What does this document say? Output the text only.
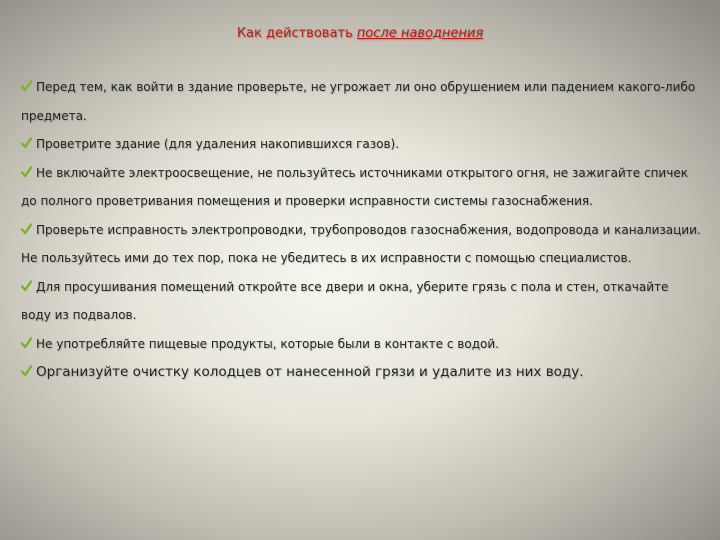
Как действовать после наводнения

Перед тем, как войти в здание проверьте, не угрожает ли оно обрушением или падением какого-либо предмета.

Проветрите здание (для удаления накопившихся газов).

Не включайте электроосвещение, не пользуйтесь источниками открытого огня, не зажигайте спичек до полного проветривания помещения и проверки исправности системы газоснабжения.

Проверьте исправность электропроводки, трубопроводов газоснабжения, водопровода и канализации. Не пользуйтесь ими до тех пор, пока не убедитесь в их исправности с помощью специалистов.

Для просушивания помещений откройте все двери и окна, уберите грязь с пола и стен, откачайте воду из подвалов.

Не употребляйте пищевые продукты, которые были в контакте с водой.

Организуйте очистку колодцев от нанесенной грязи и удалите из них воду.
